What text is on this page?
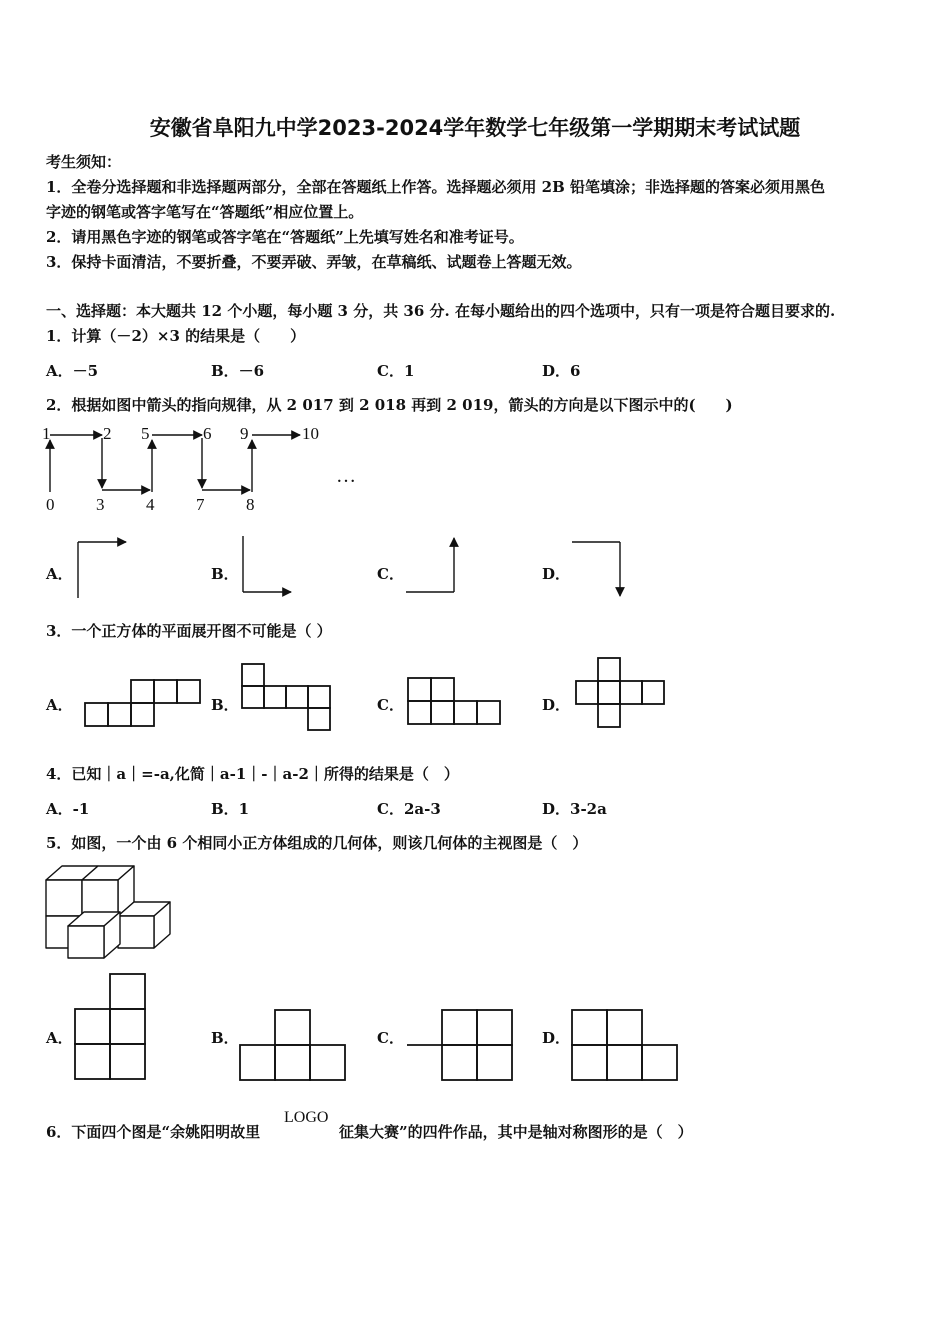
安徽省阜阳九中学2023-2024学年数学七年级第一学期期末考试试题
考生须知：
1．全卷分选择题和非选择题两部分，全部在答题纸上作答。选择题必须用 2B 铅笔填涂；非选择题的答案必须用黑色
字迹的钢笔或答字笔写在“答题纸”相应位置上。
2．请用黑色字迹的钢笔或答字笔在“答题纸”上先填写姓名和准考证号。
3．保持卡面清洁，不要折叠，不要弄破、弄皱，在草稿纸、试题卷上答题无效。
一、选择题：本大题共 12 个小题，每小题 3 分，共 36 分. 在每小题给出的四个选项中，只有一项是符合题目要求的.
1．计算（－2）×3 的结果是（　　）
A．－5	B．－6	C．1	D．6
2．根据如图中箭头的指向规律，从 2 017 到 2 018 再到 2 019，箭头的方向是以下图示中的(　　)
1	2 5	6 9	10
0 3 4 7 8
…
A．	B．	C．	D．
3．一个正方体的平面展开图不可能是（ ）
A．	B．	C．	D．
4．已知｜a｜=-a,化简｜a-1｜-｜a-2｜所得的结果是（　）
A．-1	B．1	C．2a-3	D．3-2a
5．如图，一个由 6 个相同小正方体组成的几何体，则该几何体的主视图是（　）
A．	B．	C．	D．
6．下面四个图是“余姚阳明故里
LOGO
征集大赛”的四件作品，其中是轴对称图形的是（　）
